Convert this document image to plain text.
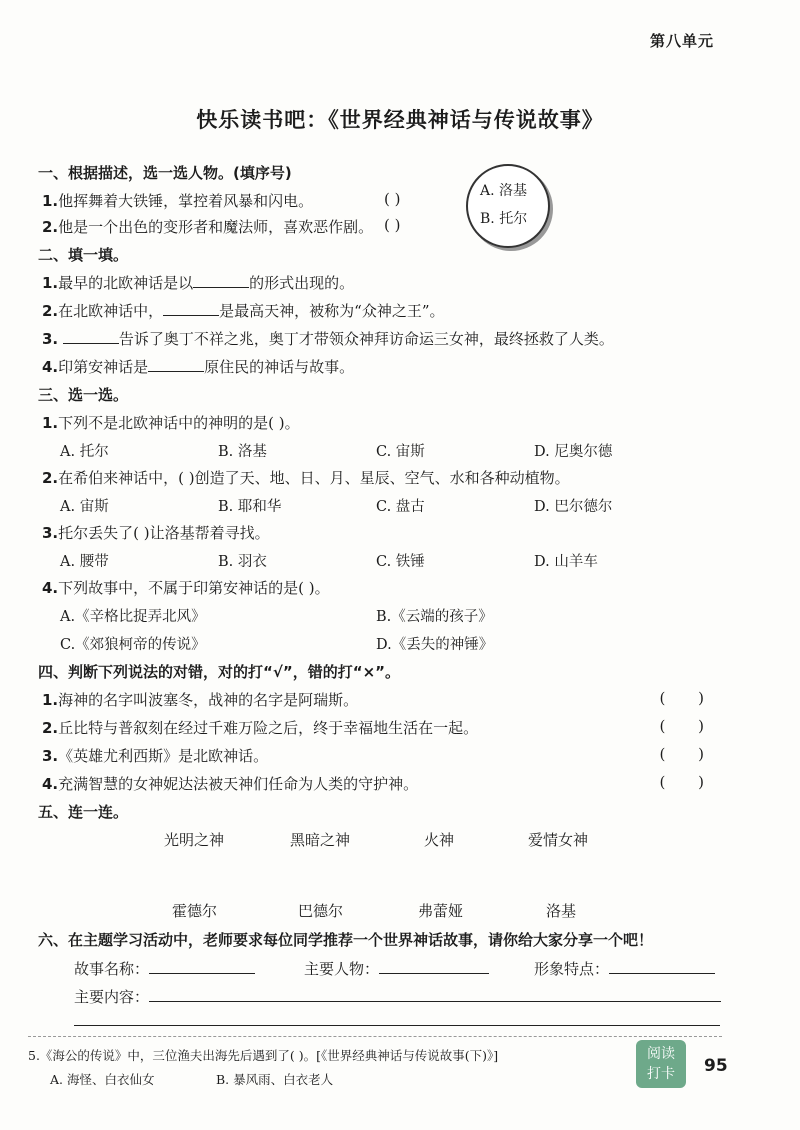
第八单元
快乐读书吧：《世界经典神话与传说故事》
一、根据描述，选一选人物。(填序号)
1.他挥舞着大铁锤，掌控着风暴和闪电。	( )
2.他是一个出色的变形者和魔法师，喜欢恶作剧。 ( )
A. 洛基
B. 托尔
二、填一填。
1.最早的北欧神话是以	的形式出现的。
2.在北欧神话中，	是最高天神，被称为“众神之王”。
3.	告诉了奥丁不祥之兆，奥丁才带领众神拜访命运三女神，最终拯救了人类。
4.印第安神话是	原住民的神话与故事。
三、选一选。
1.下列不是北欧神话中的神明的是( )。
A. 托尔	B. 洛基	C. 宙斯	D. 尼奥尔德
2.在希伯来神话中，( )创造了天、地、日、月、星辰、空气、水和各种动植物。
A. 宙斯	B. 耶和华	C. 盘古	D. 巴尔德尔
3.托尔丢失了( )让洛基帮着寻找。
A. 腰带	B. 羽衣	C. 铁锤	D. 山羊车
4.下列故事中，不属于印第安神话的是( )。
A.《辛格比捉弄北风》	B.《云端的孩子》
C.《郊狼柯帝的传说》	D.《丢失的神锤》
四、判断下列说法的对错，对的打“√”，错的打“×”。
1.海神的名字叫波塞冬，战神的名字是阿瑞斯。	( )
2.丘比特与普叙刻在经过千难万险之后，终于幸福地生活在一起。	( )
3.《英雄尤利西斯》是北欧神话。	( )
4.充满智慧的女神妮达法被天神们任命为人类的守护神。	( )
五、连一连。
光明之神	黑暗之神	火神	爱情女神
霍德尔	巴德尔	弗蕾娅	洛基
六、在主题学习活动中，老师要求每位同学推荐一个世界神话故事，请你给大家分享一个吧！
故事名称：	主要人物：	形象特点：
主要内容：
5.《海公的传说》中，三位渔夫出海先后遇到了( )。[《世界经典神话与传说故事(下)》]
A. 海怪、白衣仙女	B. 暴风雨、白衣老人
阅读
打卡	95
